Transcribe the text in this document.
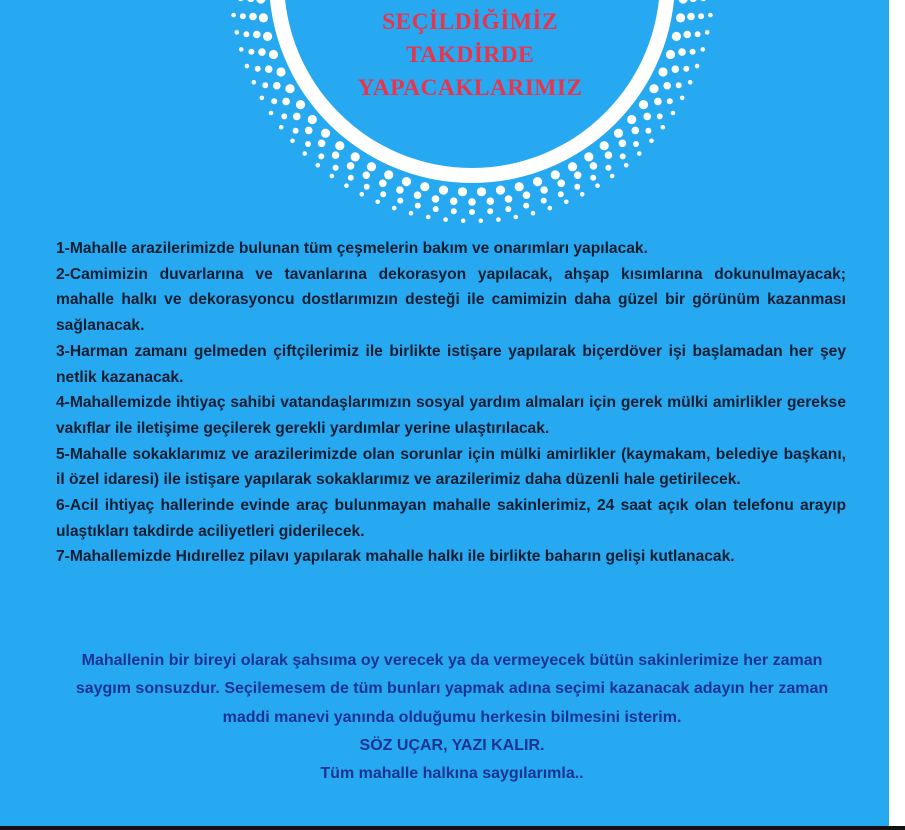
SEÇİLDİĞİMİZ
TAKDİRDE
YAPACAKLARIMIZ
1-Mahalle arazilerimizde bulunan tüm çeşmelerin bakım ve onarımları yapılacak.
2-Camimizin duvarlarına ve tavanlarına dekorasyon yapılacak, ahşap kısımlarına dokunulmayacak; mahalle halkı ve dekorasyoncu dostlarımızın desteği ile camimizin daha güzel bir görünüm kazanması sağlanacak.
3-Harman zamanı gelmeden çiftçilerimiz ile birlikte istişare yapılarak biçerdöver işi başlamadan her şey netlik kazanacak.
4-Mahallemizde ihtiyaç sahibi vatandaşlarımızın sosyal yardım almaları için gerek mülki amirlikler gerekse vakıflar ile iletişime geçilerek gerekli yardımlar yerine ulaştırılacak.
5-Mahalle sokaklarımız ve arazilerimizde olan sorunlar için mülki amirlikler (kaymakam, belediye başkanı, il özel idaresi) ile istişare yapılarak sokaklarımız ve arazilerimiz daha düzenli hale getirilecek.
6-Acil ihtiyaç hallerinde evinde araç bulunmayan mahalle sakinlerimiz, 24 saat açık olan telefonu arayıp ulaştıkları takdirde aciliyetleri giderilecek.
7-Mahallemizde Hıdırellez pilavı yapılarak mahalle halkı ile birlikte baharın gelişi kutlanacak.
Mahallenin bir bireyi olarak şahsıma oy verecek ya da vermeyecek bütün sakinlerimize her zaman saygım sonsuzdur. Seçilemesem de tüm bunları yapmak adına seçimi kazanacak adayın her zaman maddi manevi yanında olduğumu herkesin bilmesini isterim.
SÖZ UÇAR, YAZI KALIR.
Tüm mahalle halkına saygılarımla..
